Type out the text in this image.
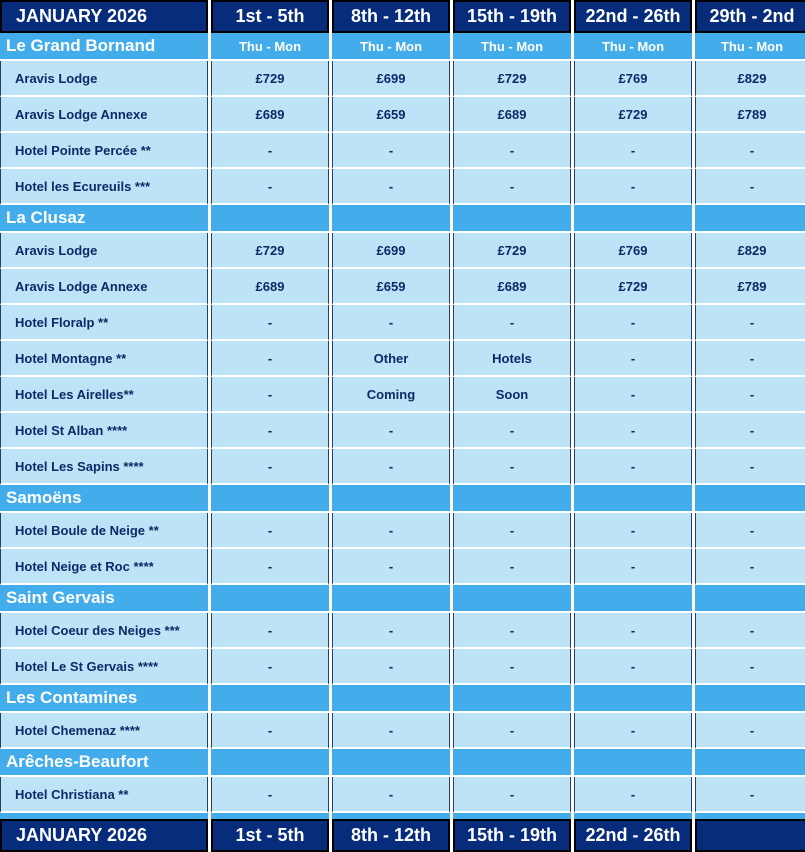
JANUARY 2026	1st - 5th	8th - 12th	15th - 19th	22nd - 26th	29th - 2nd
Le Grand Bornand	Thu - Mon	Thu - Mon	Thu - Mon	Thu - Mon	Thu - Mon
Aravis Lodge	£729	£699	£729	£769	£829
Aravis Lodge Annexe	£689	£659	£689	£729	£789
Hotel Pointe Percée **	-	-	-	-	-
Hotel les Ecureuils ***	-	-	-	-	-
La Clusaz
Aravis Lodge	£729	£699	£729	£769	£829
Aravis Lodge Annexe	£689	£659	£689	£729	£789
Hotel Floralp **	-	-	-	-	-
Hotel Montagne **	-	Other	Hotels	-	-
Hotel Les Airelles**	-	Coming	Soon	-	-
Hotel St Alban ****	-	-	-	-	-
Hotel Les Sapins ****	-	-	-	-	-
Samoëns
Hotel Boule de Neige **	-	-	-	-	-
Hotel Neige et Roc ****	-	-	-	-	-
Saint Gervais
Hotel Coeur des Neiges ***	-	-	-	-	-
Hotel Le St Gervais ****	-	-	-	-	-
Les Contamines
Hotel Chemenaz ****	-	-	-	-	-
Arêches-Beaufort
Hotel Christiana **	-	-	-	-	-
JANUARY 2026	1st - 5th	8th - 12th	15th - 19th	22nd - 26th
